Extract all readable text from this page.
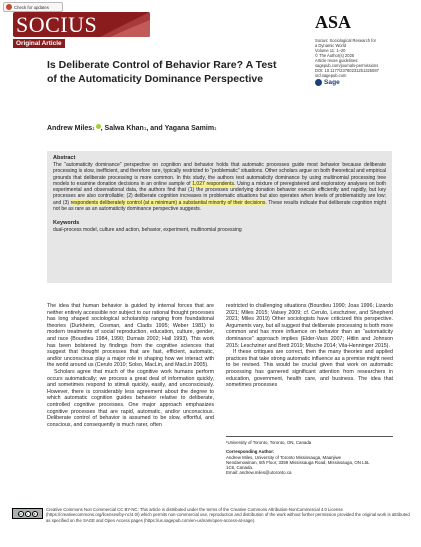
Check for updates
SOCIUS
Original Article
ASA
Socius: Sociological Research for
a Dynamic World
Volume 11: 1–20
© The Author(s) 2025
Article reuse guidelines:
sagepub.com/journals-permissions
DOI: 10.1177/23780231251325087
srd.sagepub.com
Sage
Is Deliberate Control of Behavior Rare? A Test of the Automaticity Dominance Perspective
Andrew Miles 1 , Salwa Khan 1 , and Yagana Samim 1
Abstract

The “automaticity dominance” perspective on cognition and behavior holds that automatic processes guide most behavior because deliberate processing is slow, inefficient, and therefore rare, typically restricted to “problematic” situations. Other scholars argue on both theoretical and empirical grounds that deliberate processing is more common. In this study, the authors test automaticity dominance by using multinomial processing tree models to examine donation decisions in an online sample of 1,027 respondents. Using a mixture of preregistered and exploratory analyses on both experimental and observational data, the authors find that (1) the processes underlying donation behavior execute efficiently and rapidly, but key processes are also controllable; (2) deliberate cognition increases in problematic situations but also operates when levels of problematicity are low; and (3) respondents deliberately control (at a minimum) a substantial minority of their decisions. These results indicate that deliberate cognition might not be as rare as an automaticity dominance perspective suggests.

Keywords

dual-process model, culture and action, behavior, experiment, multinomial processing

The idea that human behavior is guided by internal forces that are neither entirely accessible nor subject to our rational thought processes has long shaped sociological scholarship ranging from foundational theories (Durkheim, Cosman, and Cladis 1995; Weber 1981) to modern treatments of social reproduction, education, culture, gender, and race (Bourdieu 1984, 1990; Dumais 2002; Hall 1993). This work has been bolstered by findings from the cognitive sciences that suggest that thought processes that are fast, efficient, automatic, and/or unconscious play a major role in shaping how we interact with the world around us (Cerulo 2010; Solso, MacLin, and MacLin 2005).

Scholars agree that much of the cognitive work humans perform occurs automatically; we process a great deal of information quickly, and sometimes respond to stimuli quickly, easily, and unconsciously. However, there is considerably less agreement about the degree to which automatic cognition guides behavior relative to deliberate, controlled cognitive processes. One major approach emphasizes cognitive processes that are rapid, automatic, and/or unconscious. Deliberate control of behavior is assumed to be slow, effortful, and conscious, and consequently is much rarer, often

restricted to challenging situations (Bourdieu 1990; Joas 1996; Lizardo 2021; Miles 2015; Vaisey 2009; cf. Cerulo, Leschziner, and Shepherd 2021; Miles 2019) Other sociologists have criticized this perspective. Arguments vary, but all suggest that deliberate processing is both more common and has more influence on behavior than an “automaticity dominance” approach implies (Elder-Vass 2007; Hitlin and Johnson 2015; Leschziner and Brett 2019; Mische 2014; Vila-Henninger 2015).

If these critiques are correct, then the many theories and applied practices that take strong automatic influence as a premise might need to be revised. This would be crucial given that work on automatic processing has garnered significant attention from researchers in education, government, health care, and business. The idea that sometimes processes

¹University of Toronto, Toronto, ON, Canada
Corresponding Author:
Andrew Miles, University of Toronto Mississauga, Maanjiwe
Nendamowinan, 6th Floor, 3359 Mississauga Road, Mississauga, ON L5L
1C6, Canada.
Email: andrew.miles@utoronto.ca
cc	i	$
Creative Commons Non Commercial CC BY-NC: This article is distributed under the terms of the Creative Commons Attribution-NonCommercial 4.0 License (https://creativecommons.org/licenses/by-nc/4.0/) which permits non-commercial use, reproduction and distribution of the work without further permission provided the original work is attributed as specified on the SAGE and Open Access pages (https://us.sagepub.com/en-us/nam/open-access-at-sage).
